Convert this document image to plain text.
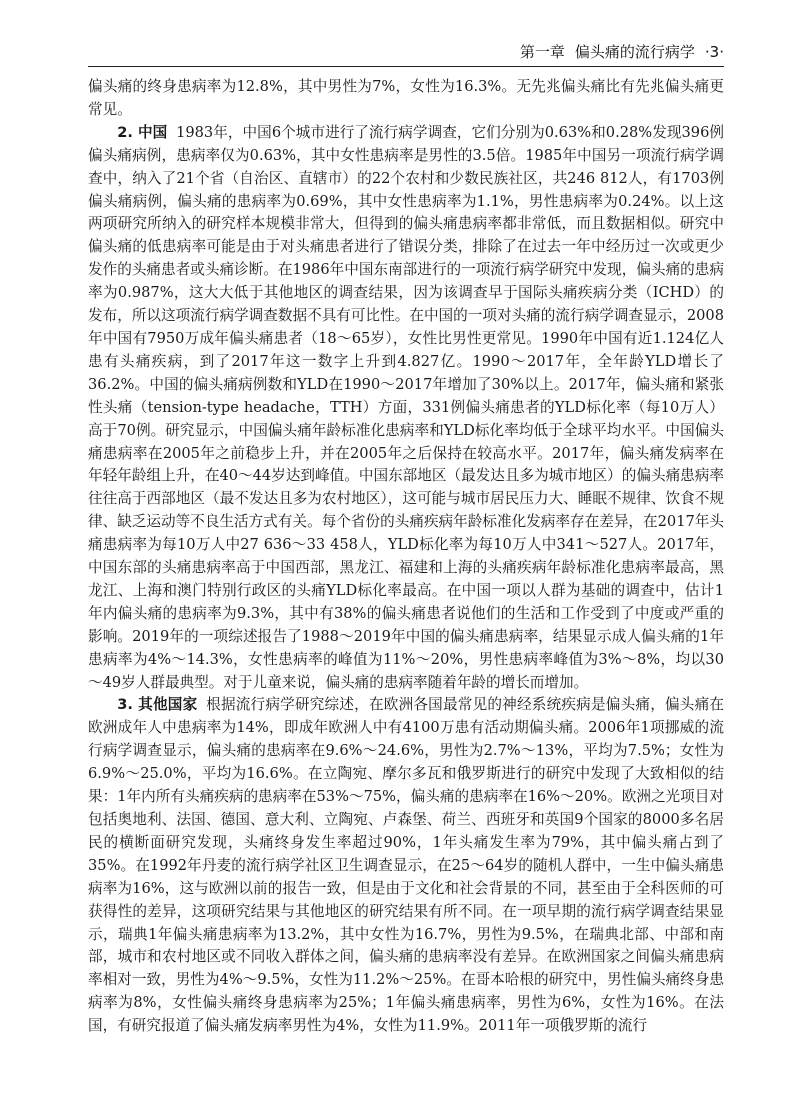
第一章 偏头痛的流行病学 ·3·

偏头痛的终身患病率为12.8%，其中男性为7%，女性为16.3%。无先兆偏头痛比有先兆偏头痛更常见。

2. 中国 1983年，中国6个城市进行了流行病学调查，它们分别为0.63%和0.28%发现396例偏头痛病例，患病率仅为0.63%，其中女性患病率是男性的3.5倍。1985年中国另一项流行病学调查中，纳入了21个省（自治区、直辖市）的22个农村和少数民族社区，共246 812人，有1703例偏头痛病例，偏头痛的患病率为0.69%，其中女性患病率为1.1%，男性患病率为0.24%。以上这两项研究所纳入的研究样本规模非常大，但得到的偏头痛患病率都非常低，而且数据相似。研究中偏头痛的低患病率可能是由于对头痛患者进行了错误分类，排除了在过去一年中经历过一次或更少发作的头痛患者或头痛诊断。在1986年中国东南部进行的一项流行病学研究中发现，偏头痛的患病率为0.987%，这大大低于其他地区的调查结果，因为该调查早于国际头痛疾病分类（ICHD）的发布，所以这项流行病学调查数据不具有可比性。在中国的一项对头痛的流行病学调查显示，2008年中国有7950万成年偏头痛患者（18～65岁），女性比男性更常见。1990年中国有近1.124亿人患有头痛疾病，到了2017年这一数字上升到4.827亿。1990～2017年，全年龄YLD增长了36.2%。中国的偏头痛病例数和YLD在1990～2017年增加了30%以上。2017年，偏头痛和紧张性头痛（tension-type headache，TTH）方面，331例偏头痛患者的YLD标化率（每10万人）高于70例。研究显示，中国偏头痛年龄标准化患病率和YLD标化率均低于全球平均水平。中国偏头痛患病率在2005年之前稳步上升，并在2005年之后保持在较高水平。2017年，偏头痛发病率在年轻年龄组上升，在40～44岁达到峰值。中国东部地区（最发达且多为城市地区）的偏头痛患病率往往高于西部地区（最不发达且多为农村地区），这可能与城市居民压力大、睡眠不规律、饮食不规律、缺乏运动等不良生活方式有关。每个省份的头痛疾病年龄标准化发病率存在差异，在2017年头痛患病率为每10万人中27 636～33 458人，YLD标化率为每10万人中341～527人。2017年，中国东部的头痛患病率高于中国西部，黑龙江、福建和上海的头痛疾病年龄标准化患病率最高，黑龙江、上海和澳门特别行政区的头痛YLD标化率最高。在中国一项以人群为基础的调查中，估计1年内偏头痛的患病率为9.3%，其中有38%的偏头痛患者说他们的生活和工作受到了中度或严重的影响。2019年的一项综述报告了1988～2019年中国的偏头痛患病率，结果显示成人偏头痛的1年患病率为4%～14.3%，女性患病率的峰值为11%～20%，男性患病率峰值为3%～8%，均以30～49岁人群最典型。对于儿童来说，偏头痛的患病率随着年龄的增长而增加。

3. 其他国家 根据流行病学研究综述，在欧洲各国最常见的神经系统疾病是偏头痛，偏头痛在欧洲成年人中患病率为14%，即成年欧洲人中有4100万患有活动期偏头痛。2006年1项挪威的流行病学调查显示，偏头痛的患病率在9.6%～24.6%，男性为2.7%～13%，平均为7.5%；女性为6.9%～25.0%，平均为16.6%。在立陶宛、摩尔多瓦和俄罗斯进行的研究中发现了大致相似的结果：1年内所有头痛疾病的患病率在53%～75%，偏头痛的患病率在16%～20%。欧洲之光项目对包括奥地利、法国、德国、意大利、立陶宛、卢森堡、荷兰、西班牙和英国9个国家的8000多名居民的横断面研究发现，头痛终身发生率超过90%，1年头痛发生率为79%，其中偏头痛占到了35%。在1992年丹麦的流行病学社区卫生调查显示，在25～64岁的随机人群中，一生中偏头痛患病率为16%，这与欧洲以前的报告一致，但是由于文化和社会背景的不同，甚至由于全科医师的可获得性的差异，这项研究结果与其他地区的研究结果有所不同。在一项早期的流行病学调查结果显示，瑞典1年偏头痛患病率为13.2%，其中女性为16.7%，男性为9.5%，在瑞典北部、中部和南部，城市和农村地区或不同收入群体之间，偏头痛的患病率没有差异。在欧洲国家之间偏头痛患病率相对一致，男性为4%～9.5%，女性为11.2%～25%。在哥本哈根的研究中，男性偏头痛终身患病率为8%，女性偏头痛终身患病率为25%；1年偏头痛患病率，男性为6%，女性为16%。在法国，有研究报道了偏头痛发病率男性为4%，女性为11.9%。2011年一项俄罗斯的流行
